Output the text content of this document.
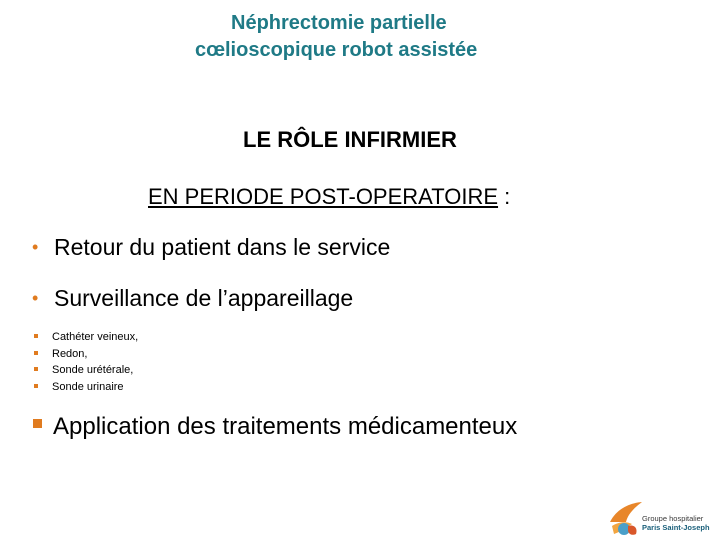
Néphrectomie partielle
cœlioscopique robot assistée
LE RÔLE INFIRMIER
EN PERIODE POST-OPERATOIRE :
• Retour du patient dans le service
• Surveillance de l’appareillage
Cathéter veineux,
Redon,
Sonde urétérale,
Sonde urinaire
Application des traitements médicamenteux
Groupe hospitalier
Paris Saint-Joseph
